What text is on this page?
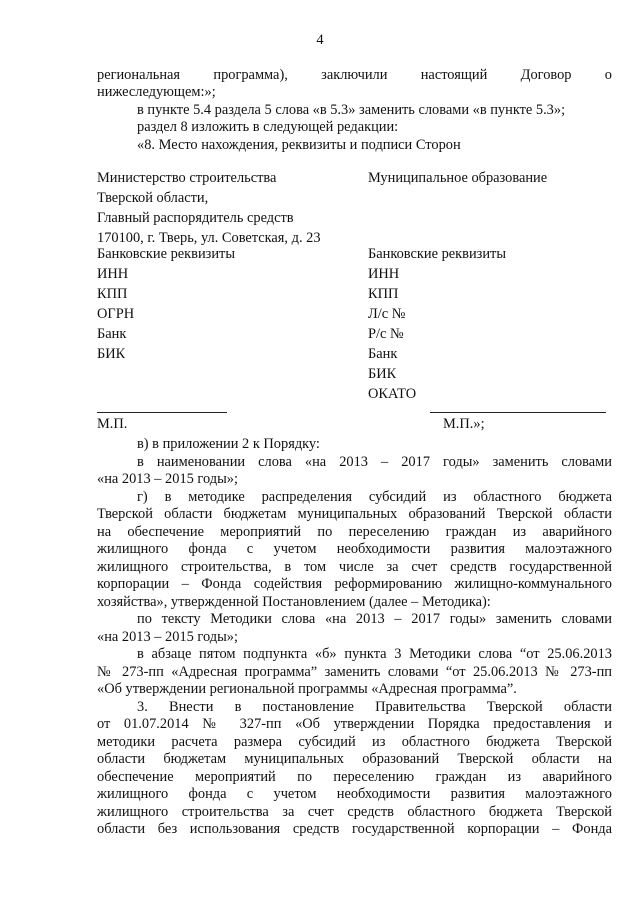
4
региональная программа), заключили настоящий Договор о
нижеследующем:»;
в пункте 5.4 раздела 5 слова «в 5.3» заменить словами «в пункте 5.3»;
раздел 8 изложить в следующей редакции:
«8. Место нахождения, реквизиты и подписи Сторон
Министерство строительства
Тверской области,
Главный распорядитель средств
170100, г. Тверь, ул. Советская, д. 23
Банковские реквизиты
ИНН
КПП
ОГРН
Банк
БИК
Муниципальное образование
Банковские реквизиты
ИНН
КПП
Л/с №
Р/с №
Банк
БИК
ОКАТО
М.П.	М.П.»;
в) в приложении 2 к Порядку:
в наименовании слова «на 2013 – 2017 годы» заменить словами
«на 2013 – 2015 годы»;
г) в методике распределения субсидий из областного бюджета
Тверской области бюджетам муниципальных образований Тверской области
на обеспечение мероприятий по переселению граждан из аварийного
жилищного фонда с учетом необходимости развития малоэтажного
жилищного строительства, в том числе за счет средств государственной
корпорации – Фонда содействия реформированию жилищно-коммунального
хозяйства», утвержденной Постановлением (далее – Методика):
по тексту Методики слова «на 2013 – 2017 годы» заменить словами
«на 2013 – 2015 годы»;
в абзаце пятом подпункта «б» пункта 3 Методики слова “от 25.06.2013
№ 273-пп «Адресная программа” заменить словами “от 25.06.2013 № 273-пп
«Об утверждении региональной программы «Адресная программа”.
3. Внести в постановление Правительства Тверской области
от 01.07.2014 № 327-пп «Об утверждении Порядка предоставления и
методики расчета размера субсидий из областного бюджета Тверской
области бюджетам муниципальных образований Тверской области на
обеспечение мероприятий по переселению граждан из аварийного
жилищного фонда с учетом необходимости развития малоэтажного
жилищного строительства за счет средств областного бюджета Тверской
области без использования средств государственной корпорации – Фонда
